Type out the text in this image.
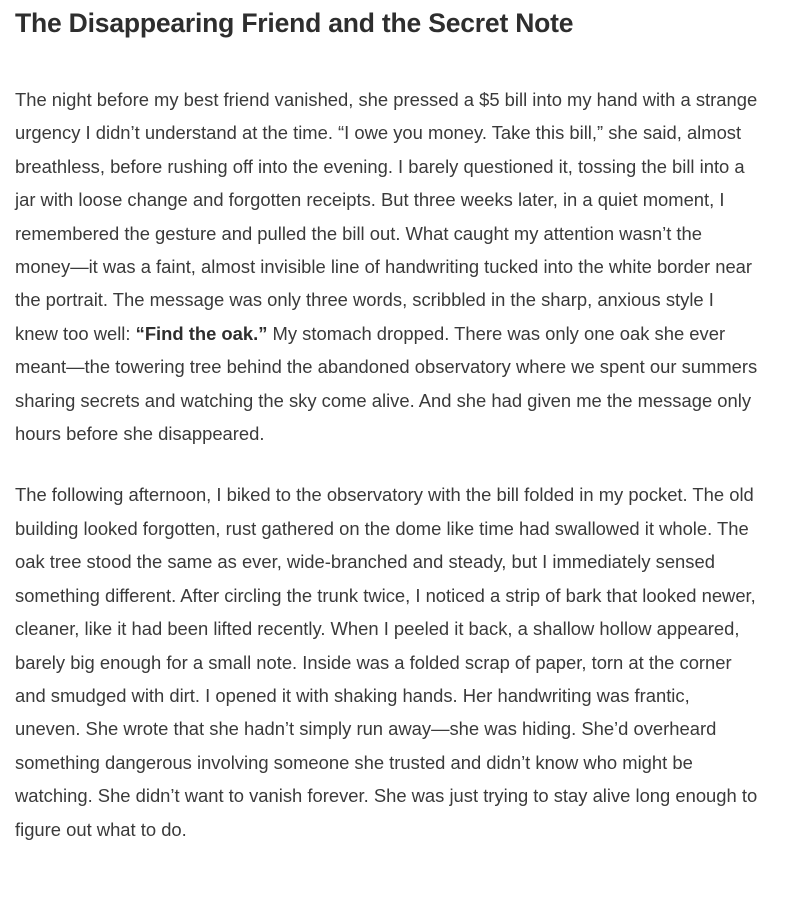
The Disappearing Friend and the Secret Note

The night before my best friend vanished, she pressed a $5 bill into my hand with a strange urgency I didn’t understand at the time. “I owe you money. Take this bill,” she said, almost breathless, before rushing off into the evening. I barely questioned it, tossing the bill into a jar with loose change and forgotten receipts. But three weeks later, in a quiet moment, I remembered the gesture and pulled the bill out. What caught my attention wasn’t the money—it was a faint, almost invisible line of handwriting tucked into the white border near the portrait. The message was only three words, scribbled in the sharp, anxious style I knew too well: “Find the oak.” My stomach dropped. There was only one oak she ever meant—the towering tree behind the abandoned observatory where we spent our summers sharing secrets and watching the sky come alive. And she had given me the message only hours before she disappeared.

The following afternoon, I biked to the observatory with the bill folded in my pocket. The old building looked forgotten, rust gathered on the dome like time had swallowed it whole. The oak tree stood the same as ever, wide-branched and steady, but I immediately sensed something different. After circling the trunk twice, I noticed a strip of bark that looked newer, cleaner, like it had been lifted recently. When I peeled it back, a shallow hollow appeared, barely big enough for a small note. Inside was a folded scrap of paper, torn at the corner and smudged with dirt. I opened it with shaking hands. Her handwriting was frantic, uneven. She wrote that she hadn’t simply run away—she was hiding. She’d overheard something dangerous involving someone she trusted and didn’t know who might be watching. She didn’t want to vanish forever. She was just trying to stay alive long enough to figure out what to do.
